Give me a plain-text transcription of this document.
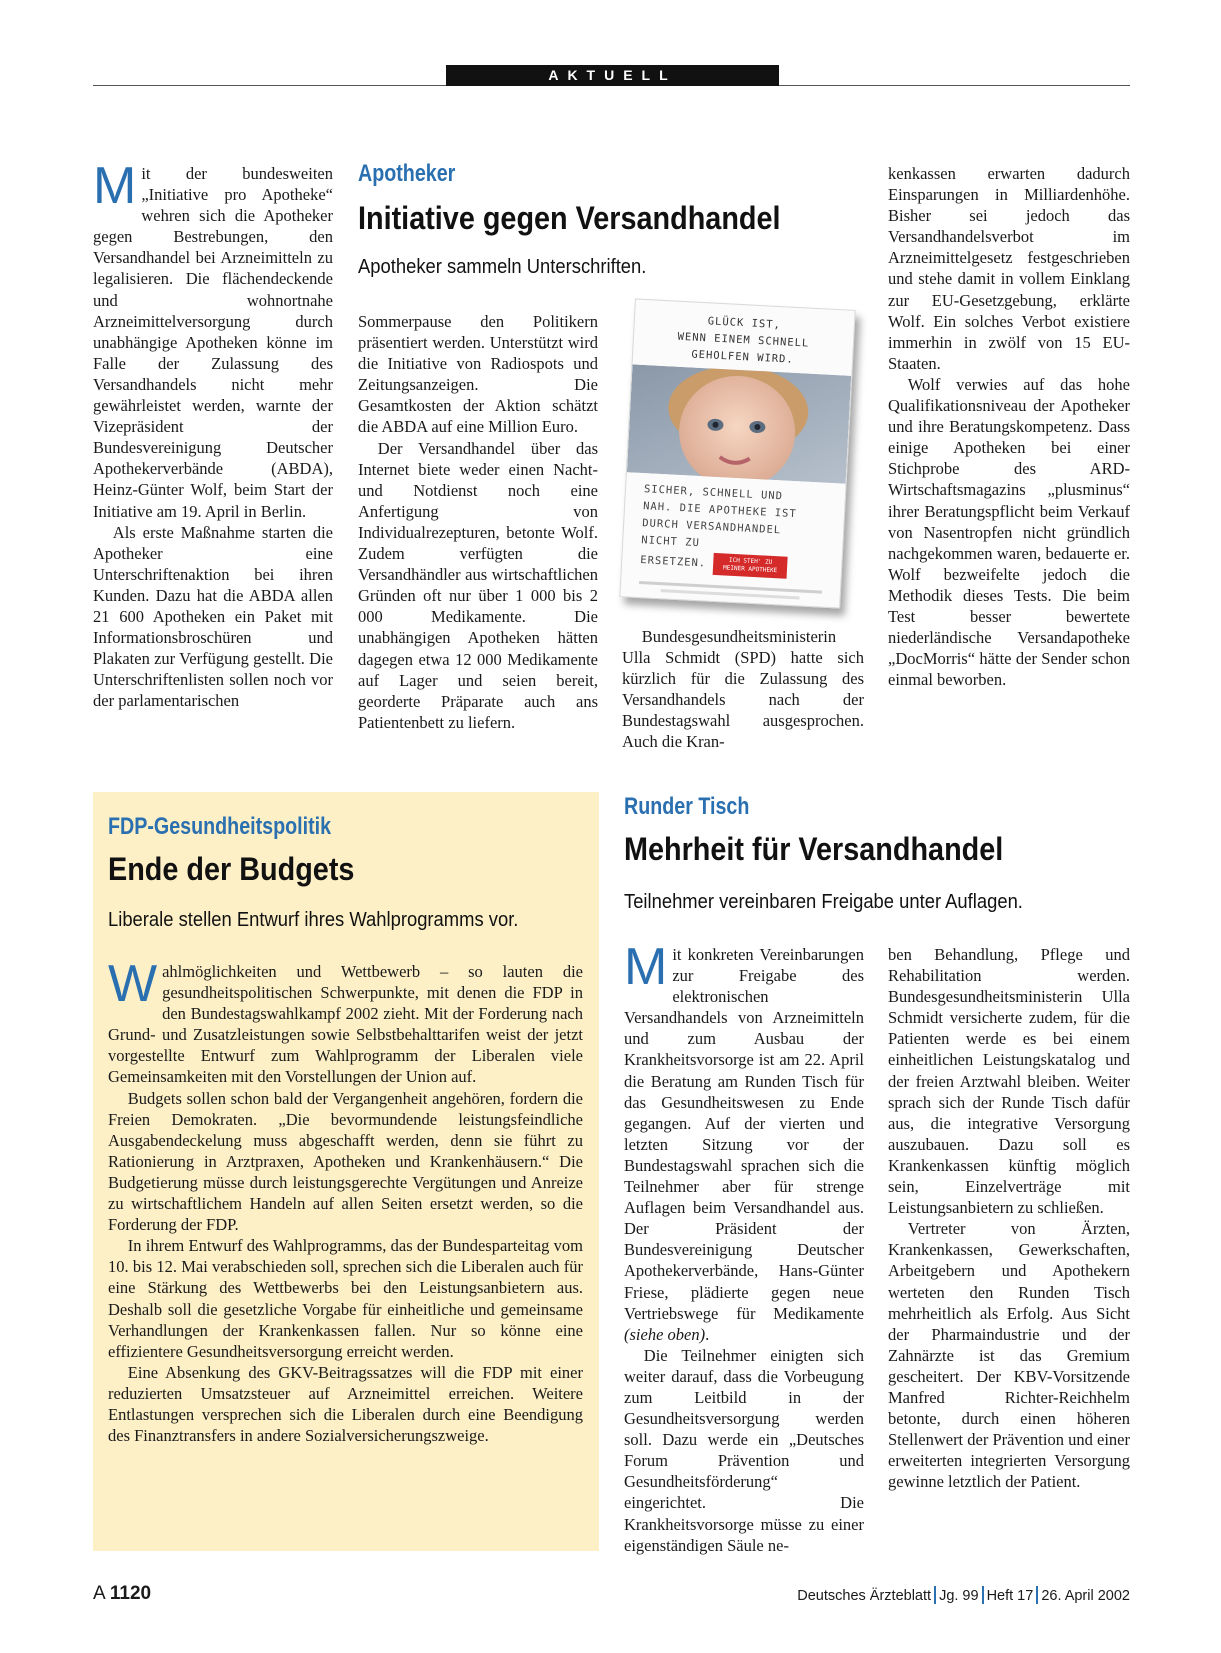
AKTUELL

Mit der bundesweiten „Initiative pro Apotheke“ wehren sich die Apotheker gegen Bestrebungen, den Versandhandel bei Arzneimitteln zu legalisieren. Die flächendeckende und wohnortnahe Arzneimittelversorgung durch unabhängige Apotheken könne im Falle der Zulassung des Versandhandels nicht mehr gewährleistet werden, warnte der Vizepräsident der Bundesvereinigung Deutscher Apothekerverbände (ABDA), Heinz-Günter Wolf, beim Start der Initiative am 19. April in Berlin.

Als erste Maßnahme starten die Apotheker eine Unterschriftenaktion bei ihren Kunden. Dazu hat die ABDA allen 21 600 Apotheken ein Paket mit Informationsbroschüren und Plakaten zur Verfügung gestellt. Die Unterschriftenlisten sollen noch vor der parlamentarischen

Apotheker
Initiative gegen Versandhandel
Apotheker sammeln Unterschriften.

Sommerpause den Politikern präsentiert werden. Unterstützt wird die Initiative von Radiospots und Zeitungsanzeigen. Die Gesamtkosten der Aktion schätzt die ABDA auf eine Million Euro.

Der Versandhandel über das Internet biete weder einen Nacht- und Notdienst noch eine Anfertigung von Individualrezepturen, betonte Wolf. Zudem verfügten die Versandhändler aus wirtschaftlichen Gründen oft nur über 1 000 bis 2 000 Medikamente. Die unabhängigen Apotheken hätten dagegen etwa 12 000 Medikamente auf Lager und seien bereit, georderte Präparate auch ans Patientenbett zu liefern.

GLÜCK IST,
WENN EINEM SCHNELL
GEHOLFEN WIRD.
SICHER, SCHNELL UND
NAH. DIE APOTHEKE IST
DURCH VERSANDHANDEL
NICHT ZU
ERSETZEN.	ICH STEH' ZU MEINER APOTHEKE

Bundesgesundheitsministerin Ulla Schmidt (SPD) hatte sich kürzlich für die Zulassung des Versandhandels nach der Bundestagswahl ausgesprochen. Auch die Kran-

kenkassen erwarten dadurch Einsparungen in Milliardenhöhe. Bisher sei jedoch das Versandhandelsverbot im Arzneimittelgesetz festgeschrieben und stehe damit in vollem Einklang zur EU-Gesetzgebung, erklärte Wolf. Ein solches Verbot existiere immerhin in zwölf von 15 EU-Staaten.

Wolf verwies auf das hohe Qualifikationsniveau der Apotheker und ihre Beratungskompetenz. Dass einige Apotheken bei einer Stichprobe des ARD-Wirtschaftsmagazins „plusminus“ ihrer Beratungspflicht beim Verkauf von Nasentropfen nicht gründlich nachgekommen waren, bedauerte er. Wolf bezweifelte jedoch die Methodik dieses Tests. Die beim Test besser bewertete niederländische Versandapotheke „DocMorris“ hätte der Sender schon einmal beworben.

FDP-Gesundheitspolitik
Ende der Budgets
Liberale stellen Entwurf ihres Wahlprogramms vor.

Wahlmöglichkeiten und Wettbewerb – so lauten die gesundheitspolitischen Schwerpunkte, mit denen die FDP in den Bundestagswahlkampf 2002 zieht. Mit der Forderung nach Grund- und Zusatzleistungen sowie Selbstbehalttarifen weist der jetzt vorgestellte Entwurf zum Wahlprogramm der Liberalen viele Gemeinsamkeiten mit den Vorstellungen der Union auf.

Budgets sollen schon bald der Vergangenheit angehören, fordern die Freien Demokraten. „Die bevormundende leistungsfeindliche Ausgabendeckelung muss abgeschafft werden, denn sie führt zu Rationierung in Arztpraxen, Apotheken und Krankenhäusern.“ Die Budgetierung müsse durch leistungsgerechte Vergütungen und Anreize zu wirtschaftlichem Handeln auf allen Seiten ersetzt werden, so die Forderung der FDP.

In ihrem Entwurf des Wahlprogramms, das der Bundesparteitag vom 10. bis 12. Mai verabschieden soll, sprechen sich die Liberalen auch für eine Stärkung des Wettbewerbs bei den Leistungsanbietern aus. Deshalb soll die gesetzliche Vorgabe für einheitliche und gemeinsame Verhandlungen der Krankenkassen fallen. Nur so könne eine effizientere Gesundheitsversorgung erreicht werden.

Eine Absenkung des GKV-Beitragssatzes will die FDP mit einer reduzierten Umsatzsteuer auf Arzneimittel erreichen. Weitere Entlastungen versprechen sich die Liberalen durch eine Beendigung des Finanztransfers in andere Sozialversicherungszweige.

Runder Tisch
Mehrheit für Versandhandel
Teilnehmer vereinbaren Freigabe unter Auflagen.

Mit konkreten Vereinbarungen zur Freigabe des elektronischen Versandhandels von Arzneimitteln und zum Ausbau der Krankheitsvorsorge ist am 22. April die Beratung am Runden Tisch für das Gesundheitswesen zu Ende gegangen. Auf der vierten und letzten Sitzung vor der Bundestagswahl sprachen sich die Teilnehmer aber für strenge Auflagen beim Versandhandel aus. Der Präsident der Bundesvereinigung Deutscher Apothekerverbände, Hans-Günter Friese, plädierte gegen neue Vertriebswege für Medikamente (siehe oben).

Die Teilnehmer einigten sich weiter darauf, dass die Vorbeugung zum Leitbild in der Gesundheitsversorgung werden soll. Dazu werde ein „Deutsches Forum Prävention und Gesundheitsförderung“ eingerichtet. Die Krankheitsvorsorge müsse zu einer eigenständigen Säule ne-

ben Behandlung, Pflege und Rehabilitation werden. Bundesgesundheitsministerin Ulla Schmidt versicherte zudem, für die Patienten werde es bei einem einheitlichen Leistungskatalog und der freien Arztwahl bleiben. Weiter sprach sich der Runde Tisch dafür aus, die integrative Versorgung auszubauen. Dazu soll es Krankenkassen künftig möglich sein, Einzelverträge mit Leistungsanbietern zu schließen.

Vertreter von Ärzten, Krankenkassen, Gewerkschaften, Arbeitgebern und Apothekern werteten den Runden Tisch mehrheitlich als Erfolg. Aus Sicht der Pharmaindustrie und der Zahnärzte ist das Gremium gescheitert. Der KBV-Vorsitzende Manfred Richter-Reichhelm betonte, durch einen höheren Stellenwert der Prävention und einer erweiterten integrierten Versorgung gewinne letztlich der Patient.

A 1120	Deutsches Ärzteblatt Jg. 99 Heft 17 26. April 2002
